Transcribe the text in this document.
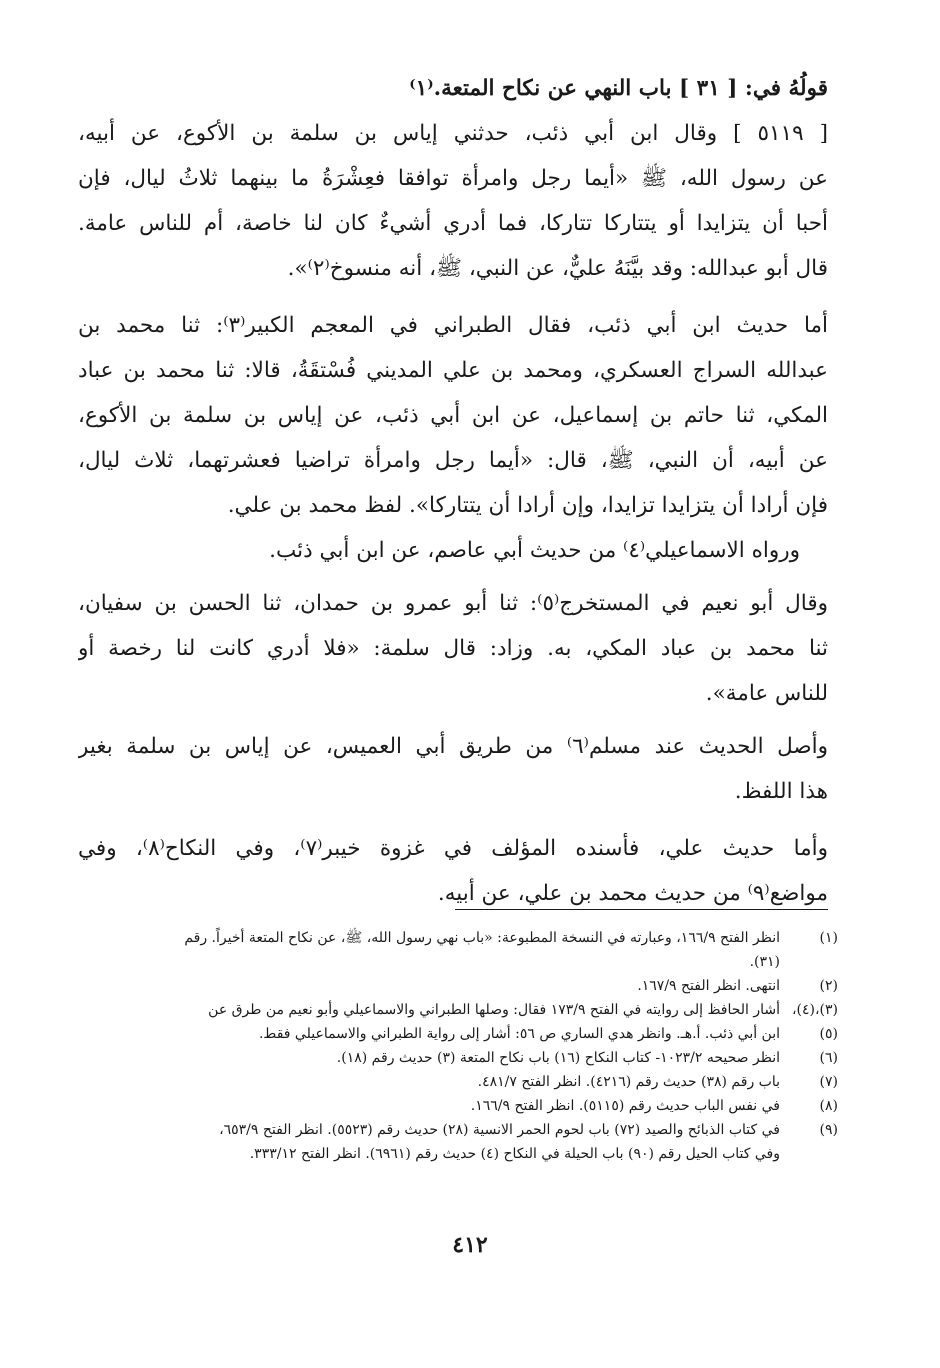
قولُهُ في: [ ٣١ ] باب النهي عن نكاح المتعة.⁽١⁾
[ ٥١١٩ ] وقال ابن أبي ذئب، حدثني إياس بن سلمة بن الأكوع، عن أبيه،
عن رسول الله، ﷺ «أيما رجل وامرأة توافقا فعِشْرَةُ ما بينهما ثلاثُ ليال، فإن
أحبا أن يتزايدا أو يتتاركا تتاركا، فما أدري أشيءٌ كان لنا خاصة، أم للناس عامة.
قال أبو عبدالله: وقد بيَّنَهُ عليٌّ، عن النبي، ﷺ، أنه منسوخ⁽٢⁾».
أما حديث ابن أبي ذئب، فقال الطبراني في المعجم الكبير⁽٣⁾: ثنا محمد بن
عبدالله السراج العسكري، ومحمد بن علي المديني فُسْتقَةُ، قالا: ثنا محمد بن عباد
المكي، ثنا حاتم بن إسماعيل، عن ابن أبي ذئب، عن إياس بن سلمة بن الأكوع،
عن أبيه، أن النبي، ﷺ، قال: «أيما رجل وامرأة تراضيا فعشرتهما، ثلاث ليال،
فإن أرادا أن يتزايدا تزايدا، وإن أرادا أن يتتاركا». لفظ محمد بن علي.
ورواه الاسماعيلي⁽٤⁾ من حديث أبي عاصم، عن ابن أبي ذئب.
وقال أبو نعيم في المستخرج⁽٥⁾: ثنا أبو عمرو بن حمدان، ثنا الحسن بن سفيان،
ثنا محمد بن عباد المكي، به. وزاد: قال سلمة: «فلا أدري كانت لنا رخصة أو
للناس عامة».
وأصل الحديث عند مسلم⁽٦⁾ من طريق أبي العميس، عن إياس بن سلمة بغير
هذا اللفظ.
وأما حديث علي، فأسنده المؤلف في غزوة خيبر⁽٧⁾، وفي النكاح⁽٨⁾، وفي
مواضع⁽٩⁾ من حديث محمد بن علي، عن أبيه.
(١)
انظر الفتح ١٦٦/٩، وعبارته في النسخة المطبوعة: «باب نهي رسول الله، ﷺ، عن نكاح المتعة أخيراً. رقم
(٣١).
(٢)
انتهى. انظر الفتح ١٦٧/٩.
(٣)،(٤)،(٥)
أشار الحافظ إلى روايته في الفتح ١٧٣/٩ فقال: وصلها الطبراني والاسماعيلي وأبو نعيم من طرق عن
ابن أبي ذئب. أ.هـ. وانظر هدي الساري ص ٥٦: أشار إلى رواية الطبراني والاسماعيلي فقط.
(٦)
انظر صحيحه ١٠٢٣/٢- كتاب النكاح (١٦) باب نكاح المتعة (٣) حديث رقم (١٨).
(٧)
باب رقم (٣٨) حديث رقم (٤٢١٦). انظر الفتح ٤٨١/٧.
(٨)
في نفس الباب حديث رقم (٥١١٥). انظر الفتح ١٦٦/٩.
(٩)
في كتاب الذبائح والصيد (٧٢) باب لحوم الحمر الانسية (٢٨) حديث رقم (٥٥٢٣). انظر الفتح ٦٥٣/٩،
وفي كتاب الحيل رقم (٩٠) باب الحيلة في النكاح (٤) حديث رقم (٦٩٦١). انظر الفتح ٣٣٣/١٢.
٤١٢
